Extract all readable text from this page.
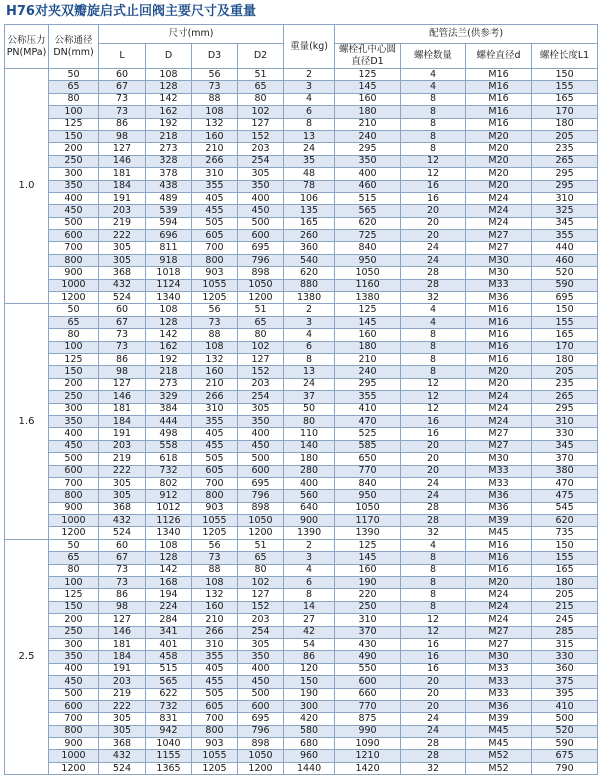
H76对夹双瓣旋启式止回阀主要尺寸及重量
公称压力PN(MPa)	公称通径DN(mm)	尺寸(mm)				重量(kg)	配管法兰(供参考)			
		L	D	D3	D2		螺栓孔中心圆直径D1	螺栓数量	螺栓直径d	螺栓长度L1
1.0	50	60	108	56	51	2	125	4	M16	150
	65	67	128	73	65	3	145	4	M16	155
	80	73	142	88	80	4	160	8	M16	165
	100	73	162	108	102	6	180	8	M16	170
	125	86	192	132	127	8	210	8	M16	180
	150	98	218	160	152	13	240	8	M20	205
	200	127	273	210	203	24	295	8	M20	235
	250	146	328	266	254	35	350	12	M20	265
	300	181	378	310	305	48	400	12	M20	295
	350	184	438	355	350	78	460	16	M20	295
	400	191	489	405	400	106	515	16	M24	310
	450	203	539	455	450	135	565	20	M24	325
	500	219	594	505	500	165	620	20	M24	345
	600	222	696	605	600	260	725	20	M27	355
	700	305	811	700	695	360	840	24	M27	440
	800	305	918	800	796	540	950	24	M30	460
	900	368	1018	903	898	620	1050	28	M30	520
	1000	432	1124	1055	1050	880	1160	28	M33	590
	1200	524	1340	1205	1200	1380	1380	32	M36	695
1.6	50	60	108	56	51	2	125	4	M16	150
	65	67	128	73	65	3	145	4	M16	155
	80	73	142	88	80	4	160	8	M16	165
	100	73	162	108	102	6	180	8	M16	170
	125	86	192	132	127	8	210	8	M16	180
	150	98	218	160	152	13	240	8	M20	205
	200	127	273	210	203	24	295	12	M20	235
	250	146	329	266	254	37	355	12	M24	265
	300	181	384	310	305	50	410	12	M24	295
	350	184	444	355	350	80	470	16	M24	310
	400	191	498	405	400	110	525	16	M27	330
	450	203	558	455	450	140	585	20	M27	345
	500	219	618	505	500	180	650	20	M30	370
	600	222	732	605	600	280	770	20	M33	380
	700	305	802	700	695	400	840	24	M33	470
	800	305	912	800	796	560	950	24	M36	475
	900	368	1012	903	898	640	1050	28	M36	545
	1000	432	1126	1055	1050	900	1170	28	M39	620
	1200	524	1340	1205	1200	1390	1390	32	M45	735
2.5	50	60	108	56	51	2	125	4	M16	150
	65	67	128	73	65	3	145	8	M16	155
	80	73	142	88	80	4	160	8	M16	165
	100	73	168	108	102	6	190	8	M20	180
	125	86	194	132	127	8	220	8	M24	205
	150	98	224	160	152	14	250	8	M24	215
	200	127	284	210	203	27	310	12	M24	245
	250	146	341	266	254	42	370	12	M27	285
	300	181	401	310	305	54	430	16	M27	315
	350	184	458	355	350	86	490	16	M30	330
	400	191	515	405	400	120	550	16	M33	360
	450	203	565	455	450	150	600	20	M33	375
	500	219	622	505	500	190	660	20	M33	395
	600	222	732	605	600	300	770	20	M36	410
	700	305	831	700	695	420	875	24	M39	500
	800	305	942	800	796	580	990	24	M45	520
	900	368	1040	903	898	680	1090	28	M45	590
	1000	432	1155	1055	1050	960	1210	28	M52	675
	1200	524	1365	1205	1200	1440	1420	32	M52	790
